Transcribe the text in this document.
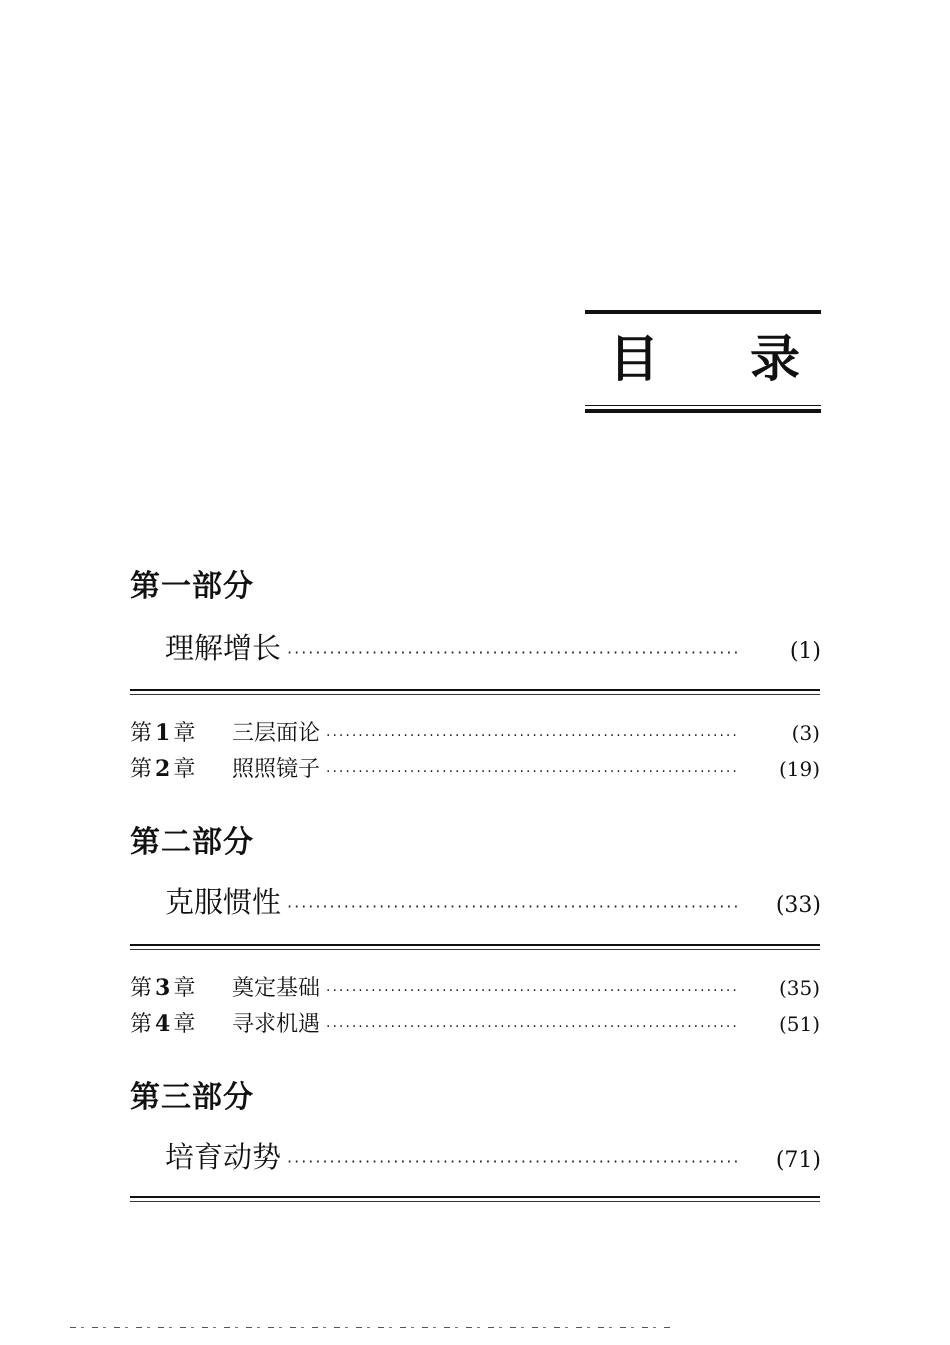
目 录
第一部分
理解增长 ································································	(1)
第 1 章	三层面论 ································································	(3)
第 2 章	照照镜子 ································································	(19)
第二部分
克服惯性 ································································	(33)
第 3 章	奠定基础 ································································	(35)
第 4 章	寻求机遇 ································································	(51)
第三部分
培育动势 ································································	(71)
